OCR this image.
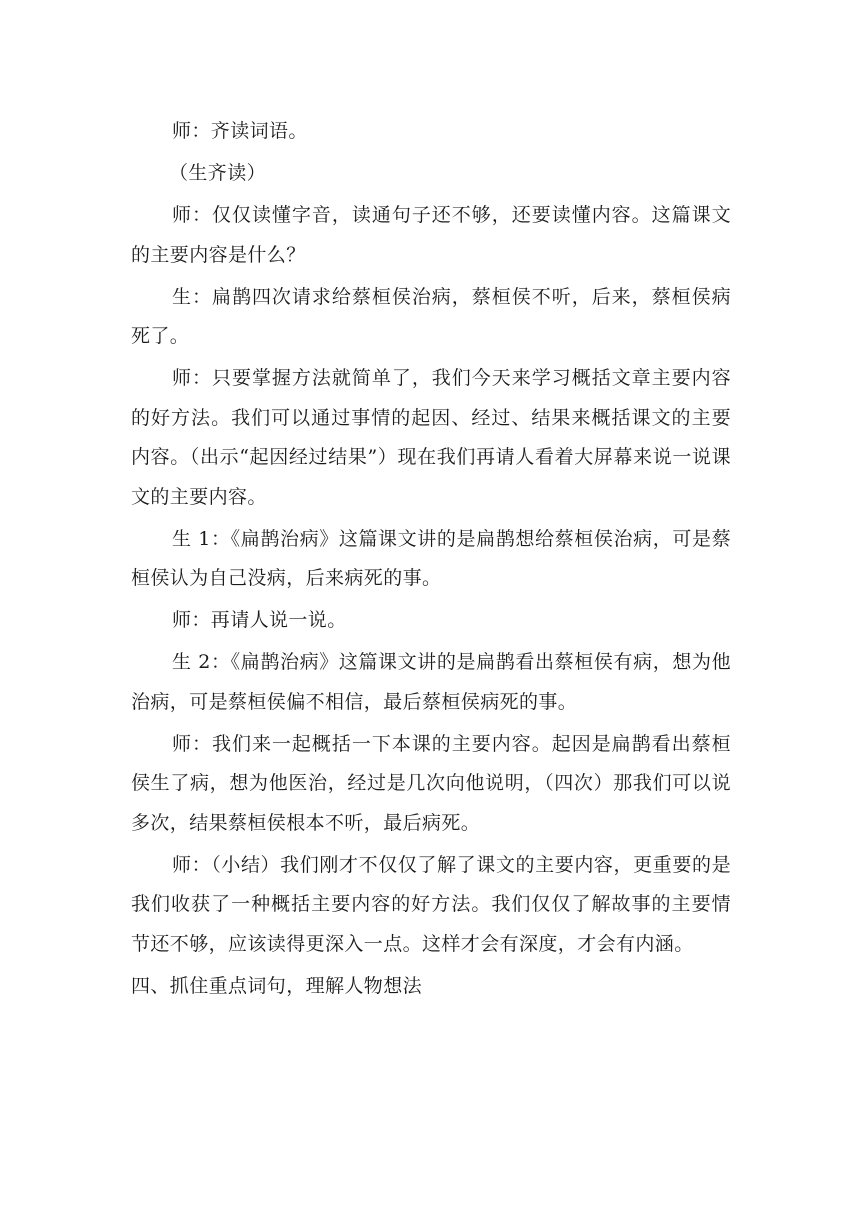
师：齐读词语。

（生齐读）

师：仅仅读懂字音，读通句子还不够，还要读懂内容。这篇课文的主要内容是什么？

生：扁鹊四次请求给蔡桓侯治病，蔡桓侯不听，后来，蔡桓侯病死了。

师：只要掌握方法就简单了，我们今天来学习概括文章主要内容的好方法。我们可以通过事情的起因、经过、结果来概括课文的主要内容。（出示“起因经过结果”）现在我们再请人看着大屏幕来说一说课文的主要内容。

生 1：《扁鹊治病》这篇课文讲的是扁鹊想给蔡桓侯治病，可是蔡桓侯认为自己没病，后来病死的事。

师：再请人说一说。

生 2：《扁鹊治病》这篇课文讲的是扁鹊看出蔡桓侯有病，想为他治病，可是蔡桓侯偏不相信，最后蔡桓侯病死的事。

师：我们来一起概括一下本课的主要内容。起因是扁鹊看出蔡桓侯生了病，想为他医治，经过是几次向他说明，（四次）那我们可以说多次，结果蔡桓侯根本不听，最后病死。

师：（小结）我们刚才不仅仅了解了课文的主要内容，更重要的是我们收获了一种概括主要内容的好方法。我们仅仅了解故事的主要情节还不够，应该读得更深入一点。这样才会有深度，才会有内涵。

四、抓住重点词句，理解人物想法
